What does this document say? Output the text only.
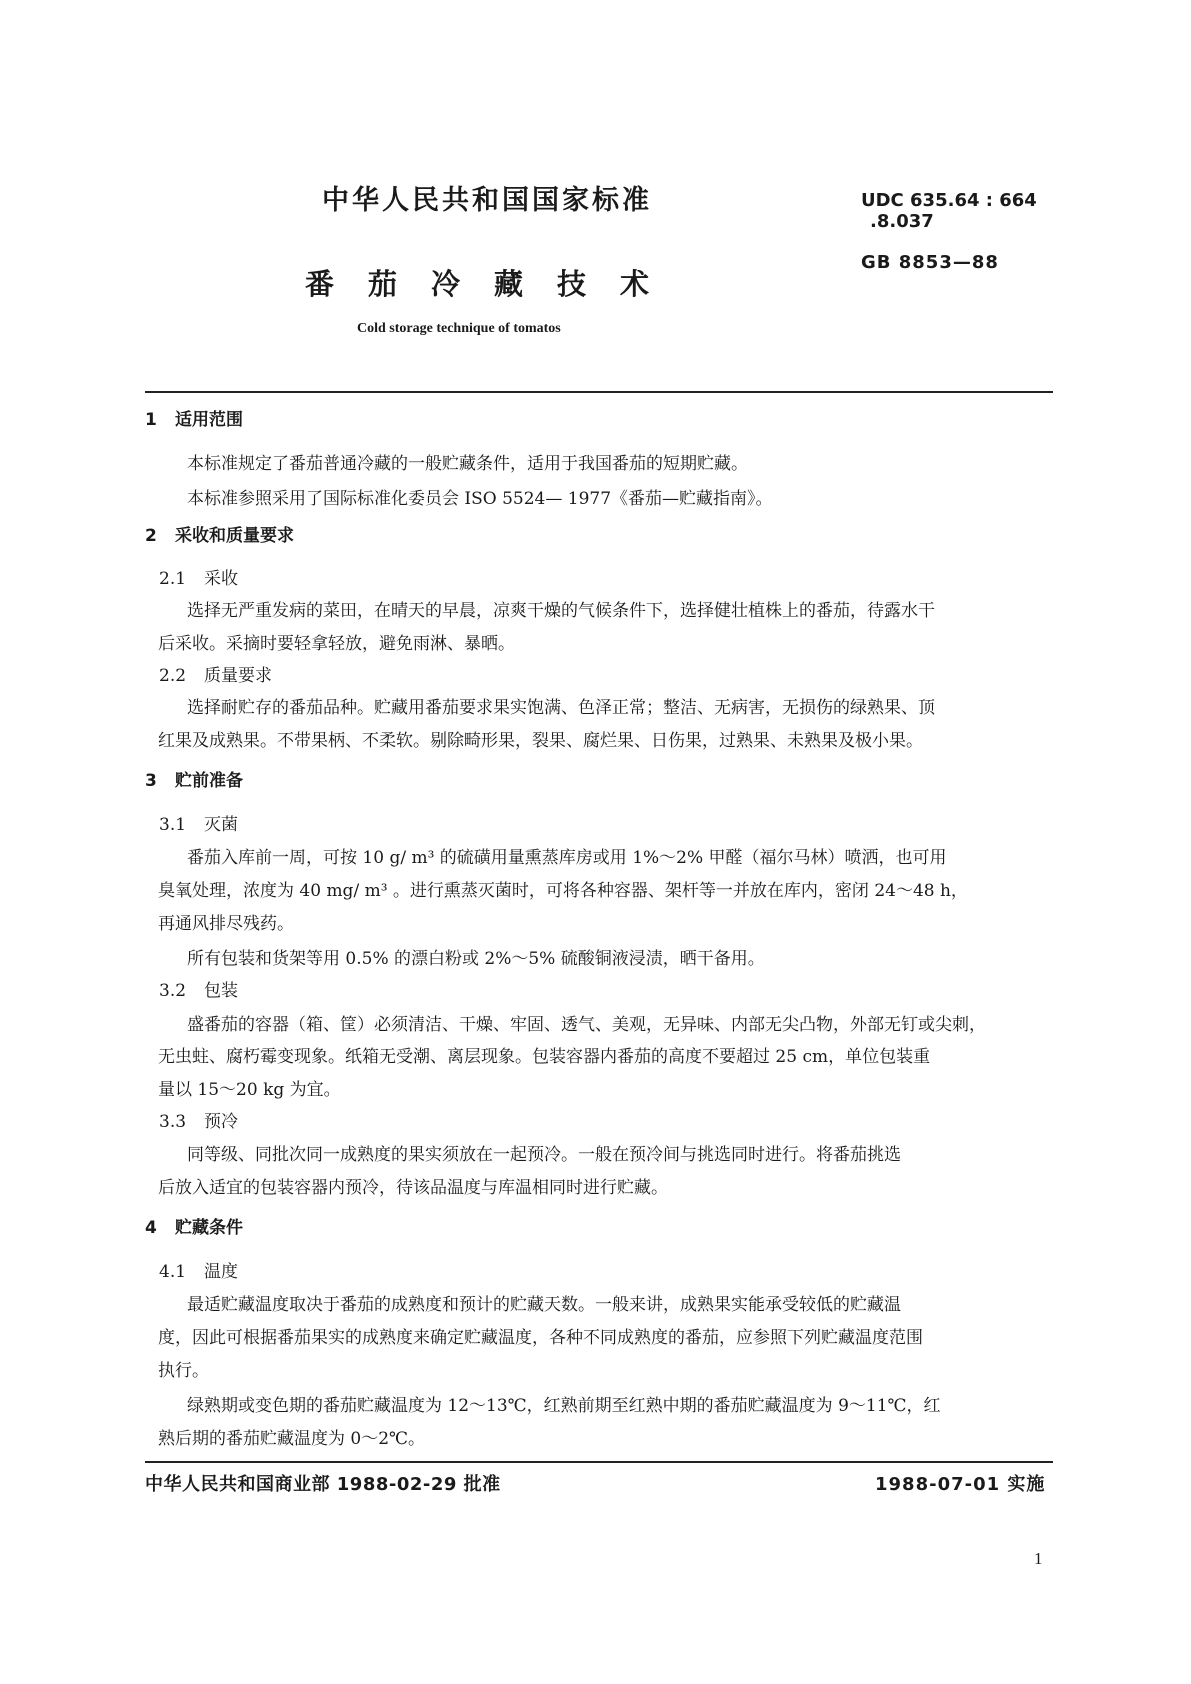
中华人民共和国国家标准	UDC 635.64 : 664
.8.037
GB 8853—88
番茄冷藏技术
Cold storage technique of tomatos
1 适用范围
本标准规定了番茄普通冷藏的一般贮藏条件，适用于我国番茄的短期贮藏。
本标准参照采用了国际标准化委员会 ISO 5524— 1977《番茄—贮藏指南》。
2 采收和质量要求
2.1 采收
选择无严重发病的菜田，在晴天的早晨，凉爽干燥的气候条件下，选择健壮植株上的番茄，待露水干
后采收。采摘时要轻拿轻放，避免雨淋、暴晒。
2.2 质量要求
选择耐贮存的番茄品种。贮藏用番茄要求果实饱满、色泽正常；整洁、无病害，无损伤的绿熟果、顶
红果及成熟果。不带果柄、不柔软。剔除畸形果，裂果、腐烂果、日伤果，过熟果、未熟果及极小果。
3 贮前准备
3.1 灭菌
番茄入库前一周，可按 10 g/ m³ 的硫磺用量熏蒸库房或用 1%～2% 甲醛（福尔马林）喷洒，也可用
臭氧处理，浓度为 40 mg/ m³ 。进行熏蒸灭菌时，可将各种容器、架杆等一并放在库内，密闭 24～48 h，
再通风排尽残药。
所有包装和货架等用 0.5% 的漂白粉或 2%～5% 硫酸铜液浸渍，晒干备用。
3.2 包装
盛番茄的容器（箱、筐）必须清洁、干燥、牢固、透气、美观，无异味、内部无尖凸物，外部无钉或尖刺，
无虫蛀、腐朽霉变现象。纸箱无受潮、离层现象。包装容器内番茄的高度不要超过 25 cm，单位包装重
量以 15～20 kg 为宜。
3.3 预冷
同等级、同批次同一成熟度的果实须放在一起预冷。一般在预冷间与挑选同时进行。将番茄挑选
后放入适宜的包装容器内预冷，待该品温度与库温相同时进行贮藏。
4 贮藏条件
4.1 温度
最适贮藏温度取决于番茄的成熟度和预计的贮藏天数。一般来讲，成熟果实能承受较低的贮藏温
度，因此可根据番茄果实的成熟度来确定贮藏温度，各种不同成熟度的番茄，应参照下列贮藏温度范围
执行。
绿熟期或变色期的番茄贮藏温度为 12～13℃，红熟前期至红熟中期的番茄贮藏温度为 9～11℃，红
熟后期的番茄贮藏温度为 0～2℃。
中华人民共和国商业部 1988-02-29 批准	1988-07-01 实施
1
